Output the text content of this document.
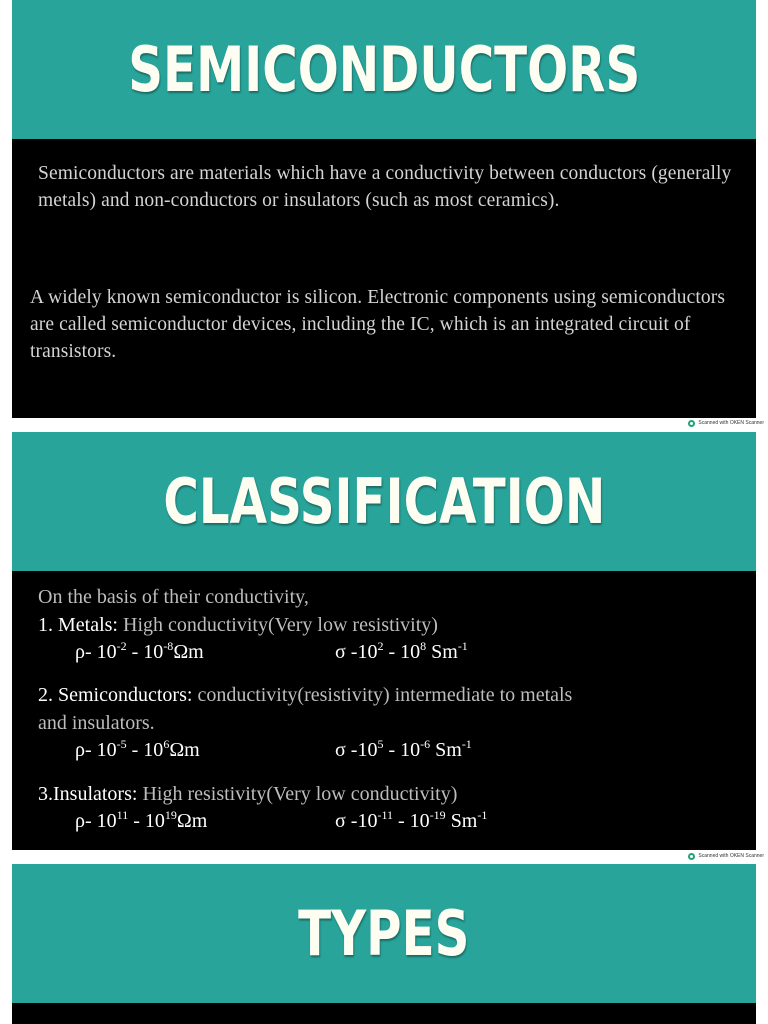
SEMICONDUCTORS
Semiconductors are materials which have a conductivity between conductors (generally metals) and non-conductors or insulators (such as most ceramics).
A widely known semiconductor is silicon. Electronic components using semiconductors are called semiconductor devices, including the IC, which is an integrated circuit of transistors.
Scanned with OKEN Scanner
CLASSIFICATION
On the basis of their conductivity,
1. Metals: High conductivity(Very low resistivity)
ρ- $10^{-2} - 10^{-8}\Omega m$	σ $-10^2 - 10^8$ $Sm^{-1}$
2. Semiconductors: conductivity(resistivity) intermediate to metals
and insulators.
ρ- $10^{-5} - 10^6\Omega m$	σ $-10^5 - 10^{-6}$ $Sm^{-1}$
3.Insulators: High resistivity(Very low conductivity)
ρ- $10^{11} - 10^{19}\Omega m$	σ $-10^{-11} - 10^{-19}$ $Sm^{-1}$
Scanned with OKEN Scanner
TYPES
